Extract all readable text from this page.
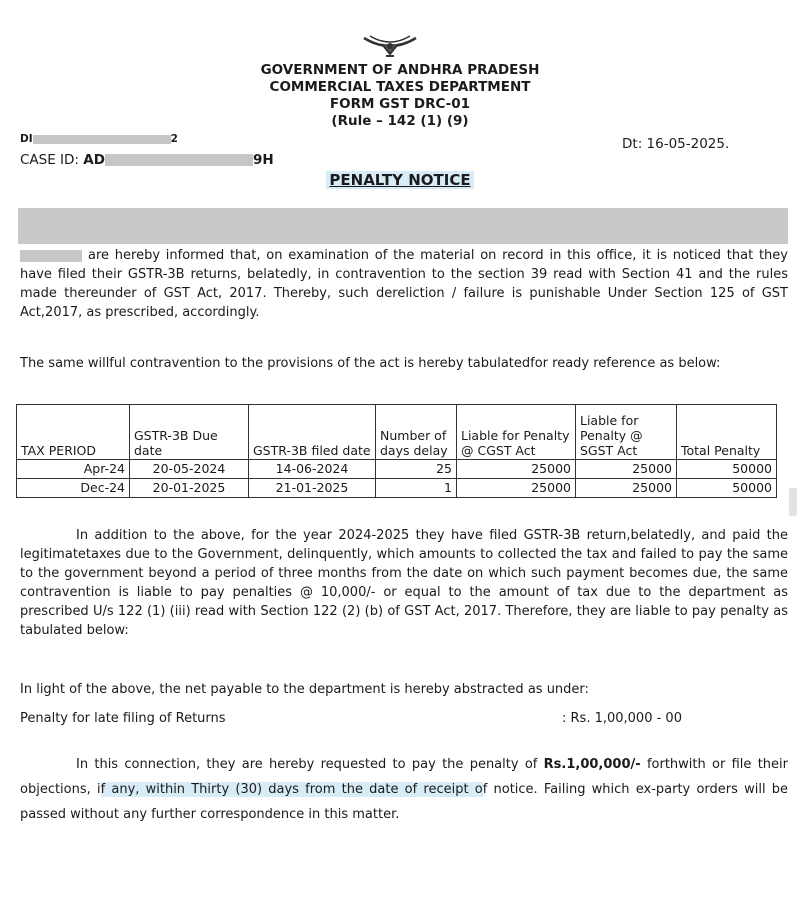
GOVERNMENT OF ANDHRA PRADESH
COMMERCIAL TAXES DEPARTMENT
FORM GST DRC-01
(Rule – 142 (1) (9)
DI	2
CASE ID: AD	9H
Dt: 16-05-2025.
PENALTY NOTICE
are hereby informed that, on examination of the material on record in this office, it is noticed that they have filed their GSTR-3B returns, belatedly, in contravention to the section 39 read with Section 41 and the rules made thereunder of GST Act, 2017. Thereby, such dereliction / failure is punishable Under Section 125 of GST Act,2017, as prescribed, accordingly.
The same willful contravention to the provisions of the act is hereby tabulatedfor ready reference as below:
TAX PERIOD	GSTR-3B Due date	GSTR-3B filed date	Number of days delay	Liable for Penalty @ CGST Act	Liable for Penalty @ SGST Act	Total Penalty
Apr-24	20-05-2024	14-06-2024	25	25000	25000	50000
Dec-24	20-01-2025	21-01-2025	1	25000	25000	50000
In addition to the above, for the year 2024-2025 they have filed GSTR-3B return,belatedly, and paid the legitimatetaxes due to the Government, delinquently, which amounts to collected the tax and failed to pay the same to the government beyond a period of three months from the date on which such payment becomes due, the same contravention is liable to pay penalties @ 10,000/- or equal to the amount of tax due to the department as prescribed U/s 122 (1) (iii) read with Section 122 (2) (b) of GST Act, 2017. Therefore, they are liable to pay penalty as tabulated below:
In light of the above, the net payable to the department is hereby abstracted as under:
Penalty for late filing of Returns	: Rs. 1,00,000 - 00
In this connection, they are hereby requested to pay the penalty of Rs.1,00,000/- forthwith or file their objections, if any, within Thirty (30) days from the date of receipt of notice. Failing which ex-party orders will be passed without any further correspondence in this matter.
